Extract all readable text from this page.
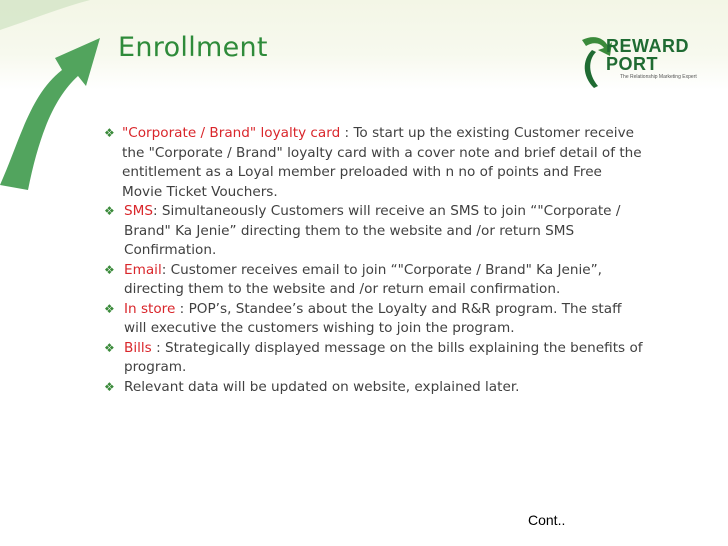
Enrollment	REWARD
PORT
The Relationship Marketing Expert
❖ "Corporate / Brand" loyalty card : To start up the existing Customer receive the "Corporate / Brand" loyalty card with a cover note and brief detail of the entitlement as a Loyal member preloaded with n no of points and Free Movie Ticket Vouchers.
❖ SMS: Simultaneously Customers will receive an SMS to join “"Corporate / Brand" Ka Jenie” directing them to the website and /or return SMS Confirmation.
❖ Email: Customer receives email to join “"Corporate / Brand" Ka Jenie”, directing them to the website and /or return email confirmation.
❖ In store : POP’s, Standee’s about the Loyalty and R&R program. The staff will executive the customers wishing to join the program.
❖ Bills : Strategically displayed message on the bills explaining the benefits of program.
❖ Relevant data will be updated on website, explained later.
Cont..
